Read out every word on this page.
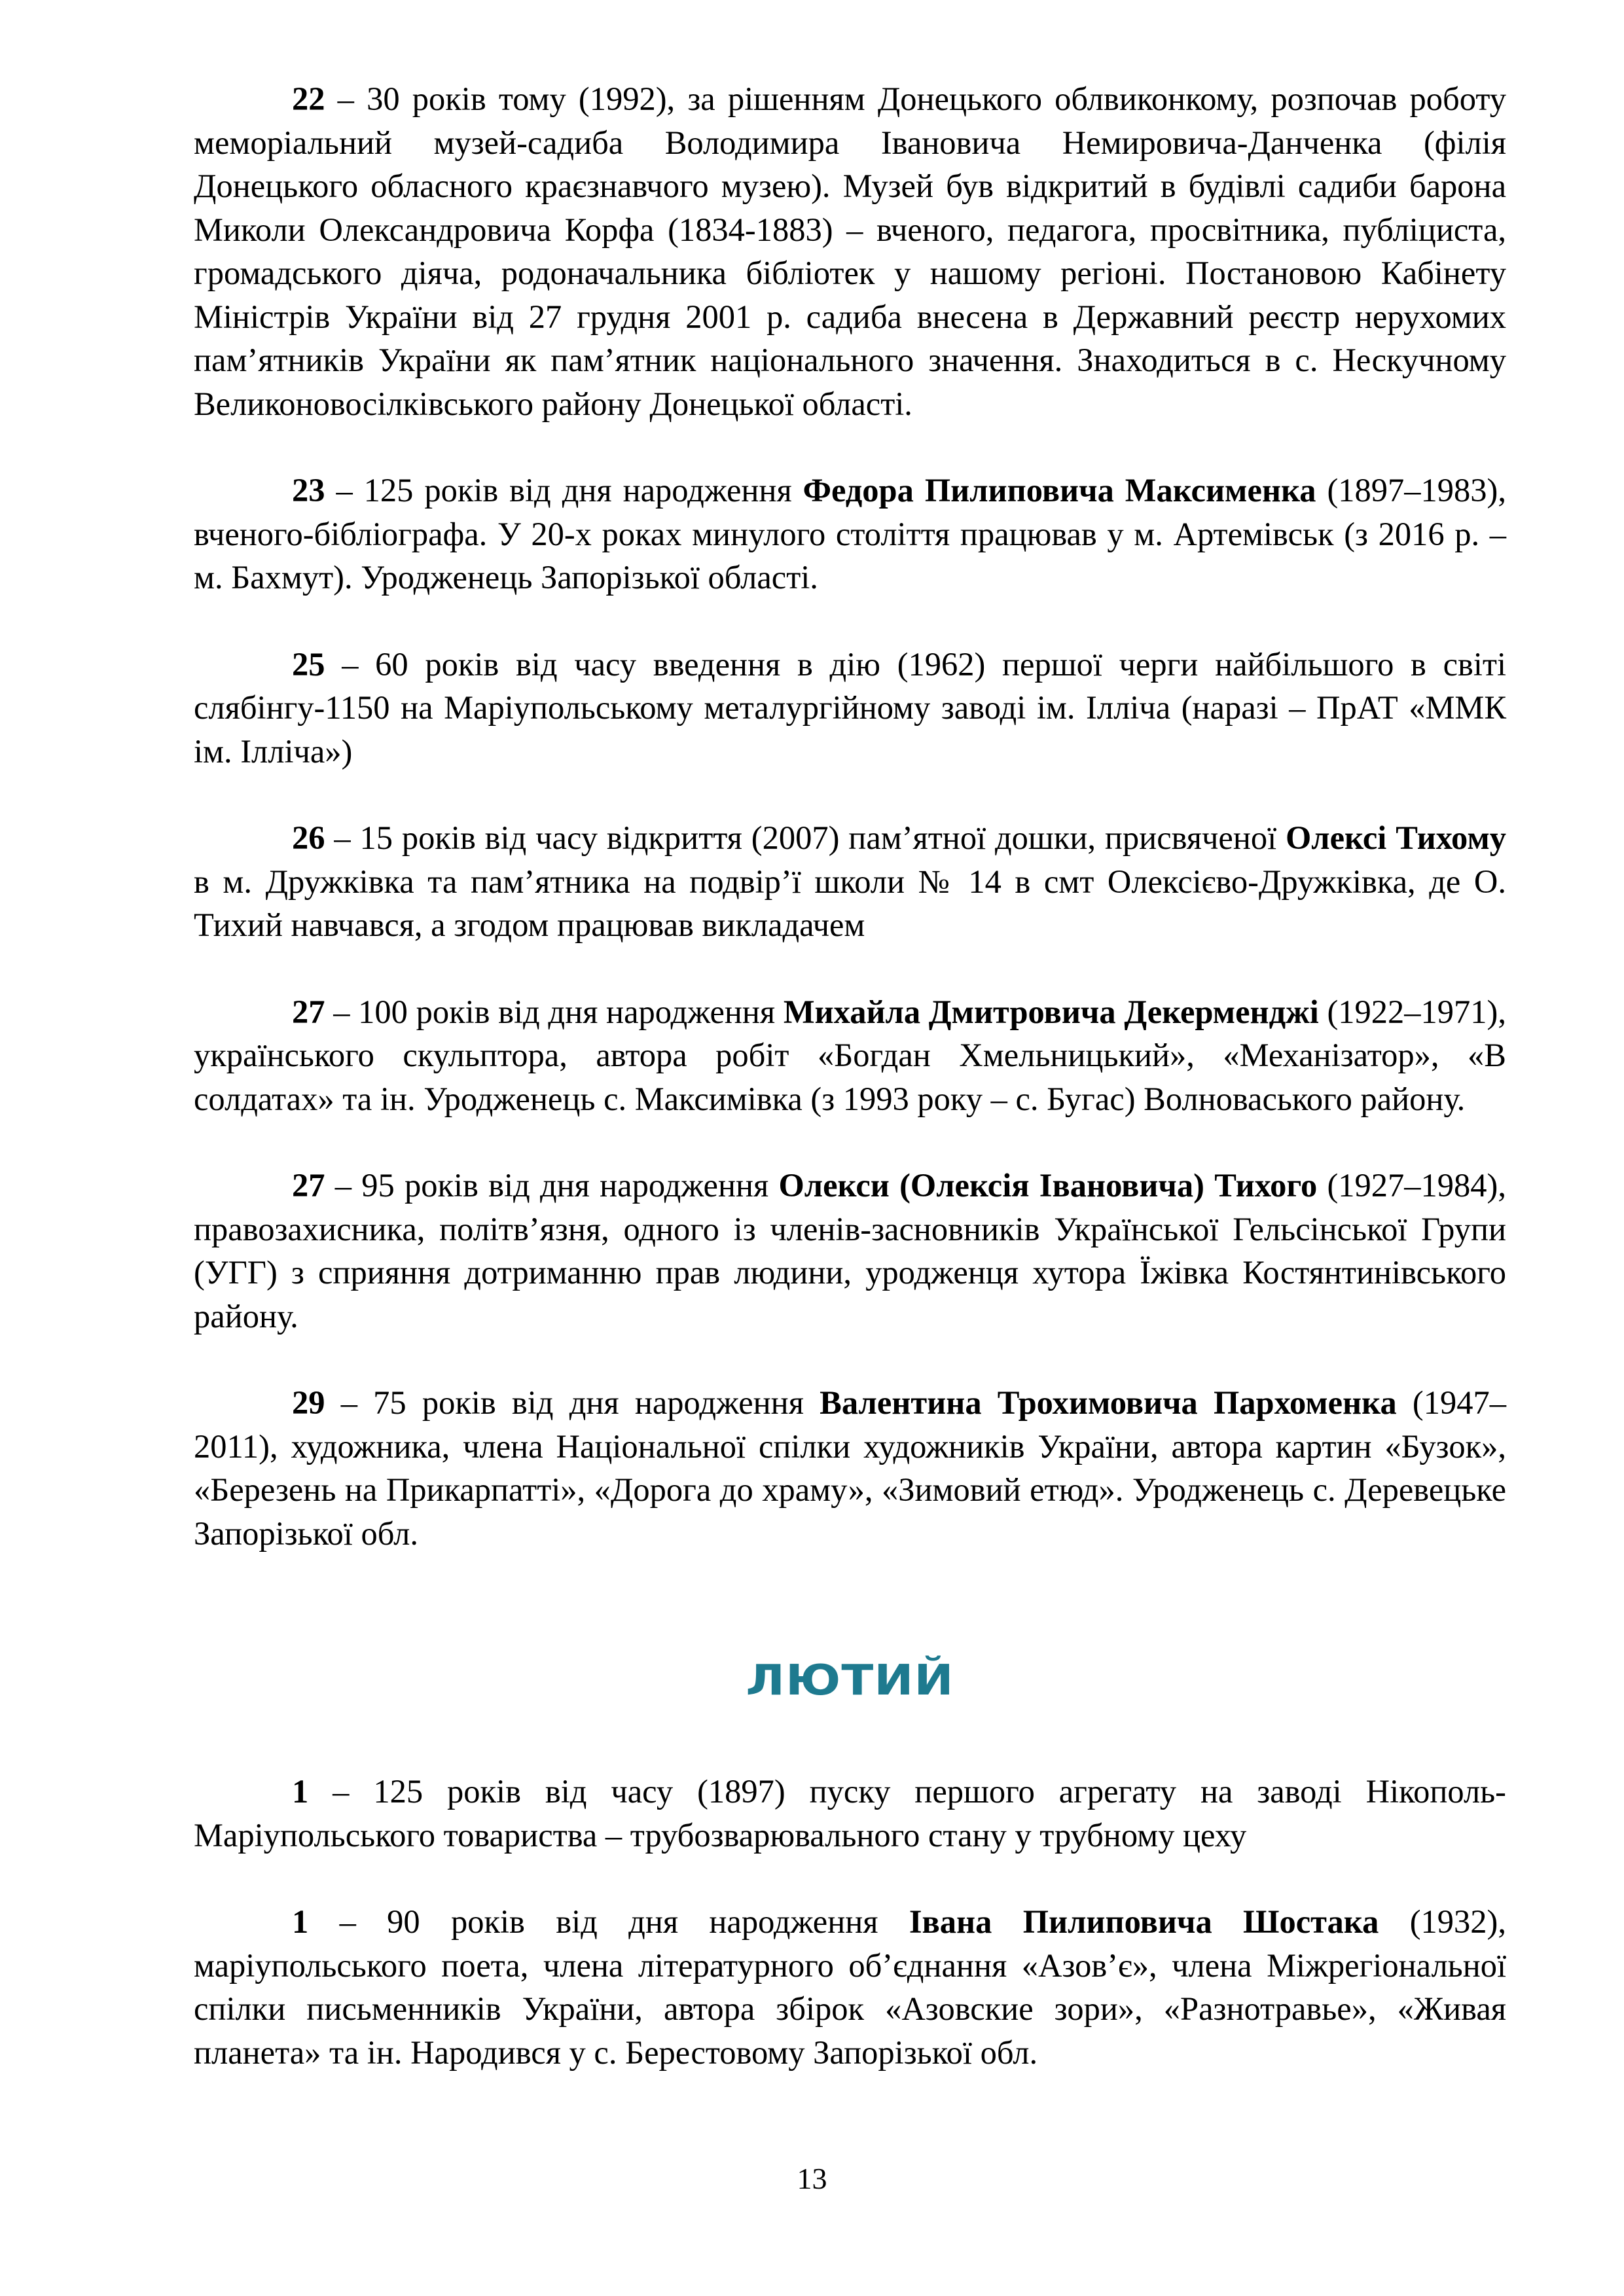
22 – 30 років тому (1992), за рішенням Донецького облвиконкому, розпочав роботу меморіальний музей-садиба Володимира Івановича Немировича-Данченка (філія Донецького обласного краєзнавчого музею). Музей був відкритий в будівлі садиби барона Миколи Олександровича Корфа (1834-1883) – вченого, педагога, просвітника, публіциста, громадського діяча, родоначальника бібліотек у нашому регіоні. Постановою Кабінету Міністрів України від 27 грудня 2001 р. садиба внесена в Державний реєстр нерухомих пам’ятників України як пам’ятник національного значення. Знаходиться в с. Нескучному Великоновосілківського району Донецької області.

23 – 125 років від дня народження Федора Пилиповича Максименка (1897–1983), вченого-бібліографа. У 20-х роках минулого століття працював у м. Артемівськ (з 2016 р. – м. Бахмут). Уродженець Запорізької області.

25 – 60 років від часу введення в дію (1962) першої черги найбільшого в світі слябінгу-1150 на Маріупольському металургійному заводі ім. Ілліча (наразі – ПрАТ «ММК ім. Ілліча»)

26 – 15 років від часу відкриття (2007) пам’ятної дошки, присвяченої Олексі Тихому в м. Дружківка та пам’ятника на подвір’ї школи № 14 в смт Олексієво-Дружківка, де О. Тихий навчався, а згодом працював викладачем

27 – 100 років від дня народження Михайла Дмитровича Декерменджі (1922–1971), українського скульптора, автора робіт «Богдан Хмельницький», «Механізатор», «В солдатах» та ін. Уродженець с. Максимівка (з 1993 року – с. Бугас) Волноваського району.

27 – 95 років від дня народження Олекси (Олексія Івановича) Тихого (1927–1984), правозахисника, політв’язня, одного із членів-засновників Української Гельсінської Групи (УГГ) з сприяння дотриманню прав людини, уродженця хутора Їжівка Костянтинівського району.

29 – 75 років від дня народження Валентина Трохимовича Пархоменка (1947–2011), художника, члена Національної спілки художників України, автора картин «Бузок», «Березень на Прикарпатті», «Дорога до храму», «Зимовий етюд». Уродженець с. Деревецьке Запорізької обл.

ЛЮТИЙ

1 – 125 років від часу (1897) пуску першого агрегату на заводі Нікополь-Маріупольського товариства – трубозварювального стану у трубному цеху

1 – 90 років від дня народження Івана Пилиповича Шостака (1932), маріупольського поета, члена літературного об’єднання «Азов’є», члена Міжрегіональної спілки письменників України, автора збірок «Азовские зори», «Разнотравье», «Живая планета» та ін. Народився у с. Берестовому Запорізької обл.

13
